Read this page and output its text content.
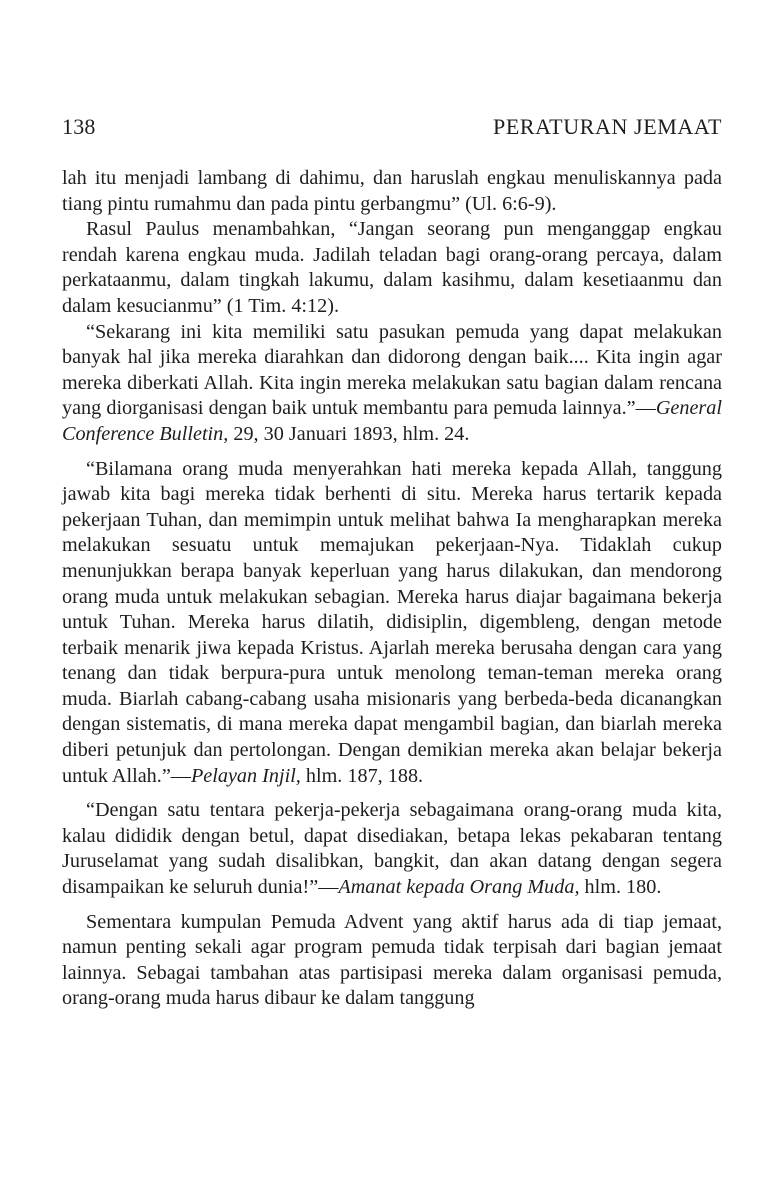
138	PERATURAN JEMAAT

lah itu menjadi lambang di dahimu, dan haruslah engkau menuliskannya pada tiang pintu rumahmu dan pada pintu gerbangmu” (Ul. 6:6-9).

Rasul Paulus menambahkan, “Jangan seorang pun menganggap engkau rendah karena engkau muda. Jadilah teladan bagi orang-orang percaya, dalam perkataanmu, dalam tingkah lakumu, dalam kasihmu, dalam kesetiaanmu dan dalam kesucianmu” (1 Tim. 4:12).

“Sekarang ini kita memiliki satu pasukan pemuda yang dapat melakukan banyak hal jika mereka diarahkan dan didorong dengan baik.... Kita ingin agar mereka diberkati Allah. Kita ingin mereka melakukan satu bagian dalam rencana yang diorganisasi dengan baik untuk membantu para pemuda lainnya.”—General Conference Bulletin, 29, 30 Januari 1893, hlm. 24.

“Bilamana orang muda menyerahkan hati mereka kepada Allah, tanggung jawab kita bagi mereka tidak berhenti di situ. Mereka harus tertarik kepada pekerjaan Tuhan, dan memimpin untuk melihat bahwa Ia mengharapkan mereka melakukan sesuatu untuk memajukan pekerjaan-Nya. Tidaklah cukup menunjukkan berapa banyak keperluan yang harus dilakukan, dan mendorong orang muda untuk melakukan sebagian. Mereka harus diajar bagaimana bekerja untuk Tuhan. Mereka harus dilatih, didisiplin, digembleng, dengan metode terbaik menarik jiwa kepada Kristus. Ajarlah mereka berusaha dengan cara yang tenang dan tidak berpura-pura untuk menolong teman-teman mereka orang muda. Biarlah cabang-cabang usaha misionaris yang berbeda-beda dicanangkan dengan sistematis, di mana mereka dapat mengambil bagian, dan biarlah mereka diberi petunjuk dan pertolongan. Dengan demikian mereka akan belajar bekerja untuk Allah.”—Pelayan Injil, hlm. 187, 188.

“Dengan satu tentara pekerja-pekerja sebagaimana orang-orang muda kita, kalau dididik dengan betul, dapat disediakan, betapa lekas pekabaran tentang Juruselamat yang sudah disalibkan, bangkit, dan akan datang dengan segera disampaikan ke seluruh dunia!”—Amanat kepada Orang Muda, hlm. 180.

Sementara kumpulan Pemuda Advent yang aktif harus ada di tiap jemaat, namun penting sekali agar program pemuda tidak terpisah dari bagian jemaat lainnya. Sebagai tambahan atas partisipasi mereka dalam organisasi pemuda, orang-orang muda harus dibaur ke dalam tanggung
